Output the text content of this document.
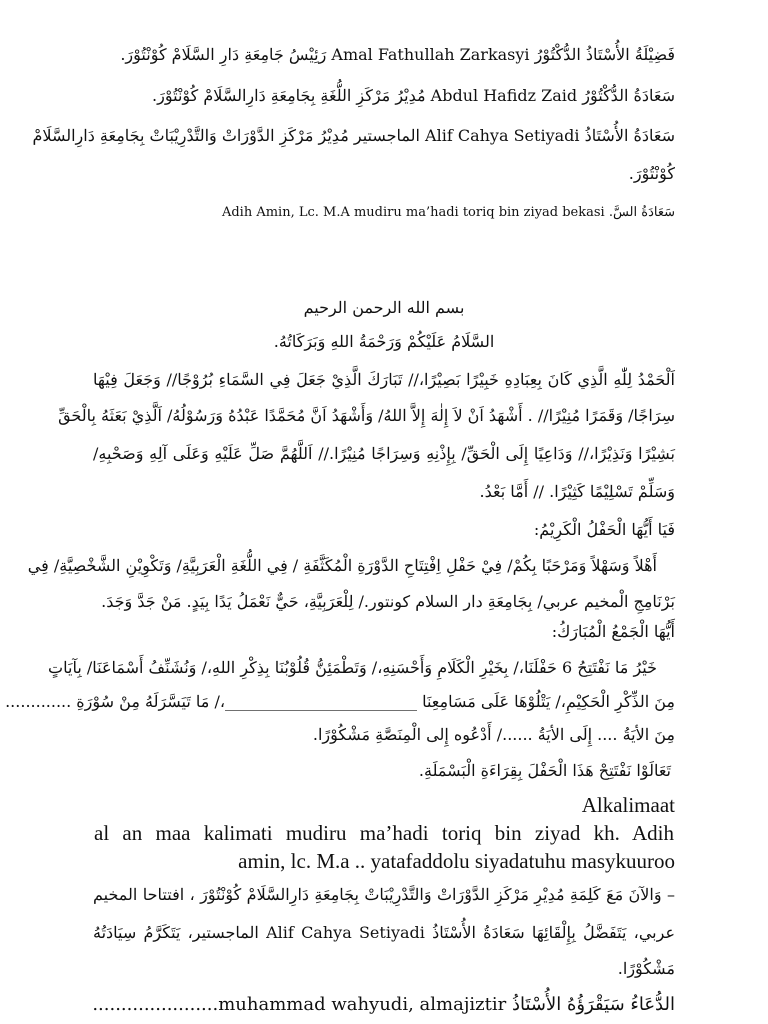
فَضِيْلَةُ الأُسْتَاذُ الدُّكْتُوْرُ Amal Fathullah Zarkasyi رَئِيْسُ جَامِعَةِ دَارِ السَّلَامْ كُوْنْتُوْرَ.
سَعَادَةُ الدُّكْتُوْرُ Abdul Hafidz Zaid مُدِيْرُ مَرْكَزِ اللُّغَةِ بِجَامِعَةِ دَارِالسَّلَامْ كُوْنْتُوْرَ.
سَعَادَةُ الأُسْتَاذُ Alif Cahya Setiyadi الماجستير مُدِيْرُ مَرْكَزِ الدَّوْرَاتْ وَالتَّدْرِيْبَاتْ بِجَامِعَةِ دَارِالسَّلَامْ
كُوْنْتُوْرَ.
سَعَادَةُ السَّ. Adih Amin, Lc. M.A mudiru ma’hadi toriq bin ziyad bekasi
بسم الله الرحمن الرحيم
السَّلَامُ عَلَيْكُمْ وَرَحْمَةُ اللهِ وَبَرَكَاتُهُ.
اَلْحَمْدُ لِلّٰهِ الَّذِي كَانَ بِعِبَادِهِ خَبِيْرًا بَصِيْرًا،// تَبَارَكَ الَّذِيْ جَعَلَ فِي السَّمَاءِ بُرُوْجًا// وَجَعَلَ فِيْهَا
سِرَاجًا/ وَقَمَرًا مُنِيْرًا// . أَشْهَدُ اَنْ لاَ إِلٰهَ إِلاَّ اللهُ/ وَأَشْهَدُ اَنَّ مُحَمَّدًا عَبْدُهُ وَرَسُوْلُهُ/ اَلَّذِيْ بَعَثَهُ بِالْحَقِّ
بَشِيْرًا وَنَذِيْرًا،// وَدَاعِيًا إِلَى الْحَقِّ/ بِإِذْنِهِ وَسِرَاجًا مُنِيْرًا.// اَللَّهُمَّ صَلِّ عَلَيْهِ وَعَلَى آلِهِ وَصَحْبِهِ/
وَسَلِّمْ تَسْلِيْمًا كَثِيْرًا. // أَمَّا بَعْدُ.
فَيَا أَيُّهَا الْحَفْلُ الْكَرِيْمُ:
أَهْلاً وَسَهْلاً وَمَرْحَبًا بِكُمْ/ فِيْ حَفْلِ اِفْتِتَاحِ الدَّوْرَةِ الْمُكَثَّفَةِ / فِي اللُّغَةِ الْعَرَبِيَّةِ/ وَتَكْوِيْنِ الشَّخْصِيَّةِ/ فِي
بَرْنَامِجِ الْمخيم عربي/ بِجَامِعَةِ دار السلام كونتور./ لِلْعَرَبِيَّةِ، حَيٌّ نَعْمَلُ يَدًا بِيَدٍ. مَنْ جَدَّ وَجَدَ.
أَيُّهَا الْجَمْعُ الْمُبَارَكُ:
خَيْرُ مَا نَفْتَتِحُ 6 حَفْلَنَا،/ بِخَيْرِ الْكَلَامِ وَأَحْسَنِهِ،/ وَتَطْمَئِنُّ قُلُوْبُنَا بِذِكْرِ اللهِ،/ وَنُشَنِّفُ أَسْمَاعَنَا/ بِآيَاتٍ
مِنَ الذِّكْرِ الْحَكِيْمِ،/ يَتْلُوْهَا عَلَى مَسَامِعِنَا ________________________،/ مَا تَيَسَّرَلَهُ مِنْ سُوْرَةِ .............
مِنَ الأيَةُ .... إِلَى الأيَةُ ....../ أَدْعُوه إِلى الْمِنَصَّةِ مَشْكُوْرًا.
تَعَالَوْا نَفْتَتِحْ هَذَا الْحَفْلَ بِقِرَاءَةِ الْبَسْمَلَةِ.
Alkalimaat
al an maa kalimati mudiru ma’hadi toriq bin ziyad kh. Adih
amin, lc. M.a .. yatafaddolu siyadatuhu masykuuroo
– وَالآنَ مَعَ كَلِمَةِ مُدِيْرِ مَرْكَزِ الدَّوْرَاتْ وَالتَّدْرِيْبَاتْ بِجَامِعَةِ دَارِالسَّلَامْ كُوْنْتُوْرَ ، افتتاحا المخيم
عربي، يَتَفَضَّلُ بِإِلْقَائِهَا سَعَادَةُ الأُسْتَاذُ Alif Cahya Setiyadi الماجستير، يَتَكَرَّمُ سِيَادَتُهُ
مَشْكُوْرًا.
الدُّعَاءُ سَيَقْرَؤُهُ الأُسْتَاذُ muhammad wahyudi, almajiztir......................
